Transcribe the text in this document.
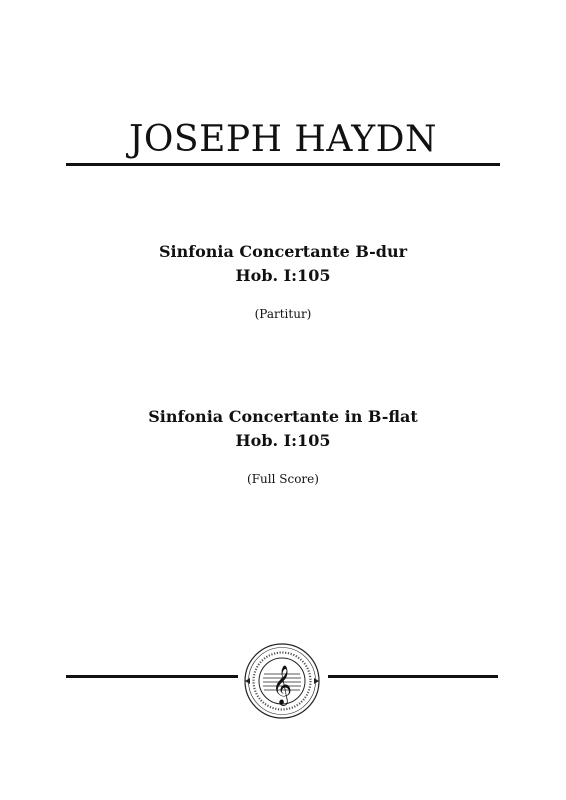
JOSEPH HAYDN
Sinfonia Concertante B-dur
Hob. I:105
(Partitur)
Sinfonia Concertante in B-flat
Hob. I:105
(Full Score)
𝄞
